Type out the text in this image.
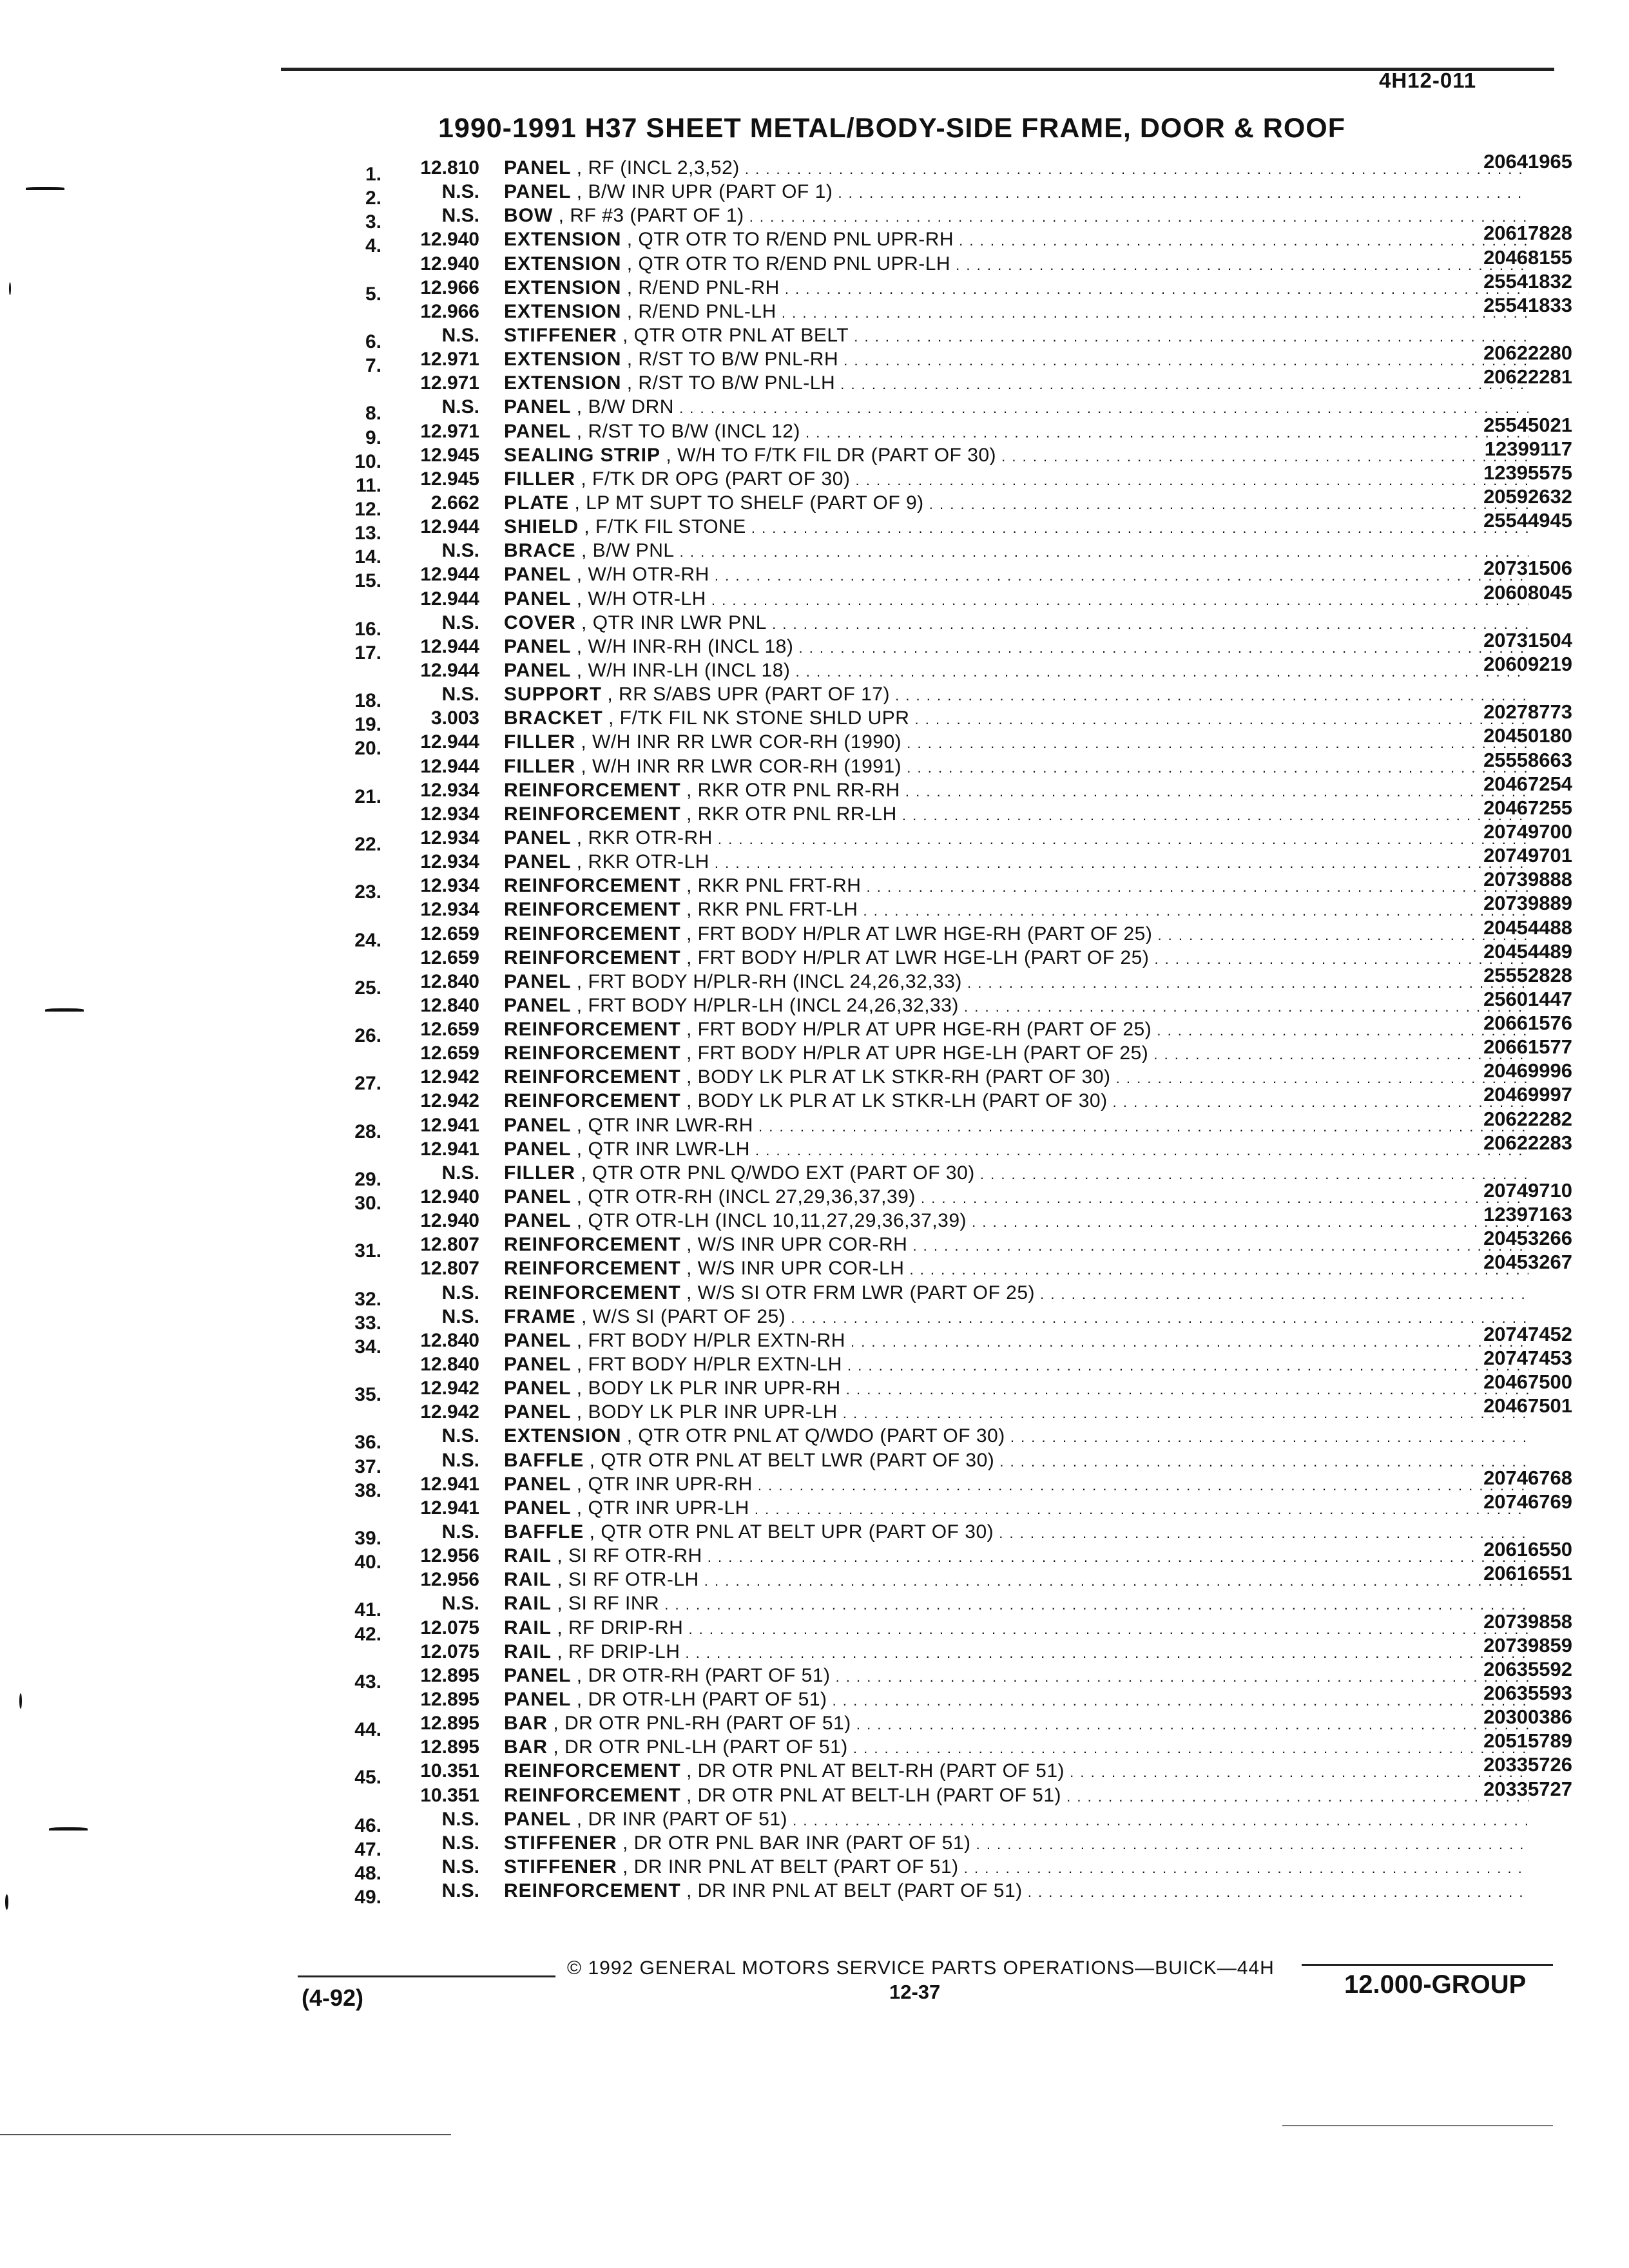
4H12-011
1990-1991 H37 SHEET METAL/BODY-SIDE FRAME, DOOR & ROOF
1.	12.810 PANEL , RF (INCL 2,3,52) . . .	20641965
2.	N.S. PANEL , B/W INR UPR (PART OF 1) . . .
3.	N.S. BOW , RF #3 (PART OF 1) . . .
4.	12.940 EXTENSION , QTR OTR TO R/END PNL UPR-RH . . .	20617828
12.940 EXTENSION , QTR OTR TO R/END PNL UPR-LH . . .	20468155
5.	12.966 EXTENSION , R/END PNL-RH . . .	25541832
12.966 EXTENSION , R/END PNL-LH . . .	25541833
6.	N.S. STIFFENER , QTR OTR PNL AT BELT . . .
7.	12.971 EXTENSION , R/ST TO B/W PNL-RH . . .	20622280
12.971 EXTENSION , R/ST TO B/W PNL-LH . . .	20622281
8.	N.S. PANEL , B/W DRN . . .
9.	12.971 PANEL , R/ST TO B/W (INCL 12) . . .	25545021
10.	12.945 SEALING STRIP , W/H TO F/TK FIL DR (PART OF 30) . . .	12399117
11.	12.945 FILLER , F/TK DR OPG (PART OF 30) . . .	12395575
12.	2.662 PLATE , LP MT SUPT TO SHELF (PART OF 9) . . .	20592632
13.	12.944 SHIELD , F/TK FIL STONE . . .	25544945
14.	N.S. BRACE , B/W PNL . . .
15.	12.944 PANEL , W/H OTR-RH . . .	20731506
12.944 PANEL , W/H OTR-LH . . .	20608045
16.	N.S. COVER , QTR INR LWR PNL . . .
17.	12.944 PANEL , W/H INR-RH (INCL 18) . . .	20731504
12.944 PANEL , W/H INR-LH (INCL 18) . . .	20609219
18.	N.S. SUPPORT , RR S/ABS UPR (PART OF 17) . . .
19.	3.003 BRACKET , F/TK FIL NK STONE SHLD UPR . . .	20278773
20.	12.944 FILLER , W/H INR RR LWR COR-RH (1990) . . .	20450180
12.944 FILLER , W/H INR RR LWR COR-RH (1991) . . .	25558663
21.	12.934 REINFORCEMENT , RKR OTR PNL RR-RH . . .	20467254
12.934 REINFORCEMENT , RKR OTR PNL RR-LH . . .	20467255
22.	12.934 PANEL , RKR OTR-RH . . .	20749700
12.934 PANEL , RKR OTR-LH . . .	20749701
23.	12.934 REINFORCEMENT , RKR PNL FRT-RH . . .	20739888
12.934 REINFORCEMENT , RKR PNL FRT-LH . . .	20739889
24.	12.659 REINFORCEMENT , FRT BODY H/PLR AT LWR HGE-RH (PART OF 25) . . .	20454488
12.659 REINFORCEMENT , FRT BODY H/PLR AT LWR HGE-LH (PART OF 25) . . .	20454489
25.	12.840 PANEL , FRT BODY H/PLR-RH (INCL 24,26,32,33) . . .	25552828
12.840 PANEL , FRT BODY H/PLR-LH (INCL 24,26,32,33) . . .	25601447
26.	12.659 REINFORCEMENT , FRT BODY H/PLR AT UPR HGE-RH (PART OF 25) . . .	20661576
12.659 REINFORCEMENT , FRT BODY H/PLR AT UPR HGE-LH (PART OF 25) . . .	20661577
27.	12.942 REINFORCEMENT , BODY LK PLR AT LK STKR-RH (PART OF 30) . . .	20469996
12.942 REINFORCEMENT , BODY LK PLR AT LK STKR-LH (PART OF 30) . . .	20469997
28.	12.941 PANEL , QTR INR LWR-RH . . .	20622282
12.941 PANEL , QTR INR LWR-LH . . .	20622283
29.	N.S. FILLER , QTR OTR PNL Q/WDO EXT (PART OF 30) . . .
30.	12.940 PANEL , QTR OTR-RH (INCL 27,29,36,37,39) . . .	20749710
12.940 PANEL , QTR OTR-LH (INCL 10,11,27,29,36,37,39) . . .	12397163
31.	12.807 REINFORCEMENT , W/S INR UPR COR-RH . . .	20453266
12.807 REINFORCEMENT , W/S INR UPR COR-LH . . .	20453267
32.	N.S. REINFORCEMENT , W/S SI OTR FRM LWR (PART OF 25) . . .
33.	N.S. FRAME , W/S SI (PART OF 25) . . .
34.	12.840 PANEL , FRT BODY H/PLR EXTN-RH . . .	20747452
12.840 PANEL , FRT BODY H/PLR EXTN-LH . . .	20747453
35.	12.942 PANEL , BODY LK PLR INR UPR-RH . . .	20467500
12.942 PANEL , BODY LK PLR INR UPR-LH . . .	20467501
36.	N.S. EXTENSION , QTR OTR PNL AT Q/WDO (PART OF 30) . . .
37.	N.S. BAFFLE , QTR OTR PNL AT BELT LWR (PART OF 30) . . .
38.	12.941 PANEL , QTR INR UPR-RH . . .	20746768
12.941 PANEL , QTR INR UPR-LH . . .	20746769
39.	N.S. BAFFLE , QTR OTR PNL AT BELT UPR (PART OF 30) . . .
40.	12.956 RAIL , SI RF OTR-RH . . .	20616550
12.956 RAIL , SI RF OTR-LH . . .	20616551
41.	N.S. RAIL , SI RF INR . . .
42.	12.075 RAIL , RF DRIP-RH . . .	20739858
12.075 RAIL , RF DRIP-LH . . .	20739859
43.	12.895 PANEL , DR OTR-RH (PART OF 51) . . .	20635592
12.895 PANEL , DR OTR-LH (PART OF 51) . . .	20635593
44.	12.895 BAR , DR OTR PNL-RH (PART OF 51) . . .	20300386
12.895 BAR , DR OTR PNL-LH (PART OF 51) . . .	20515789
45.	10.351 REINFORCEMENT , DR OTR PNL AT BELT-RH (PART OF 51) . . .	20335726
10.351 REINFORCEMENT , DR OTR PNL AT BELT-LH (PART OF 51) . . .	20335727
46.	N.S. PANEL , DR INR (PART OF 51) . . .
47.	N.S. STIFFENER , DR OTR PNL BAR INR (PART OF 51) . . .
48.	N.S. STIFFENER , DR INR PNL AT BELT (PART OF 51) . . .
49.	N.S. REINFORCEMENT , DR INR PNL AT BELT (PART OF 51) . . .
© 1992 GENERAL MOTORS SERVICE PARTS OPERATIONS—BUICK—44H
12-37
(4-92)	12.000-GROUP
